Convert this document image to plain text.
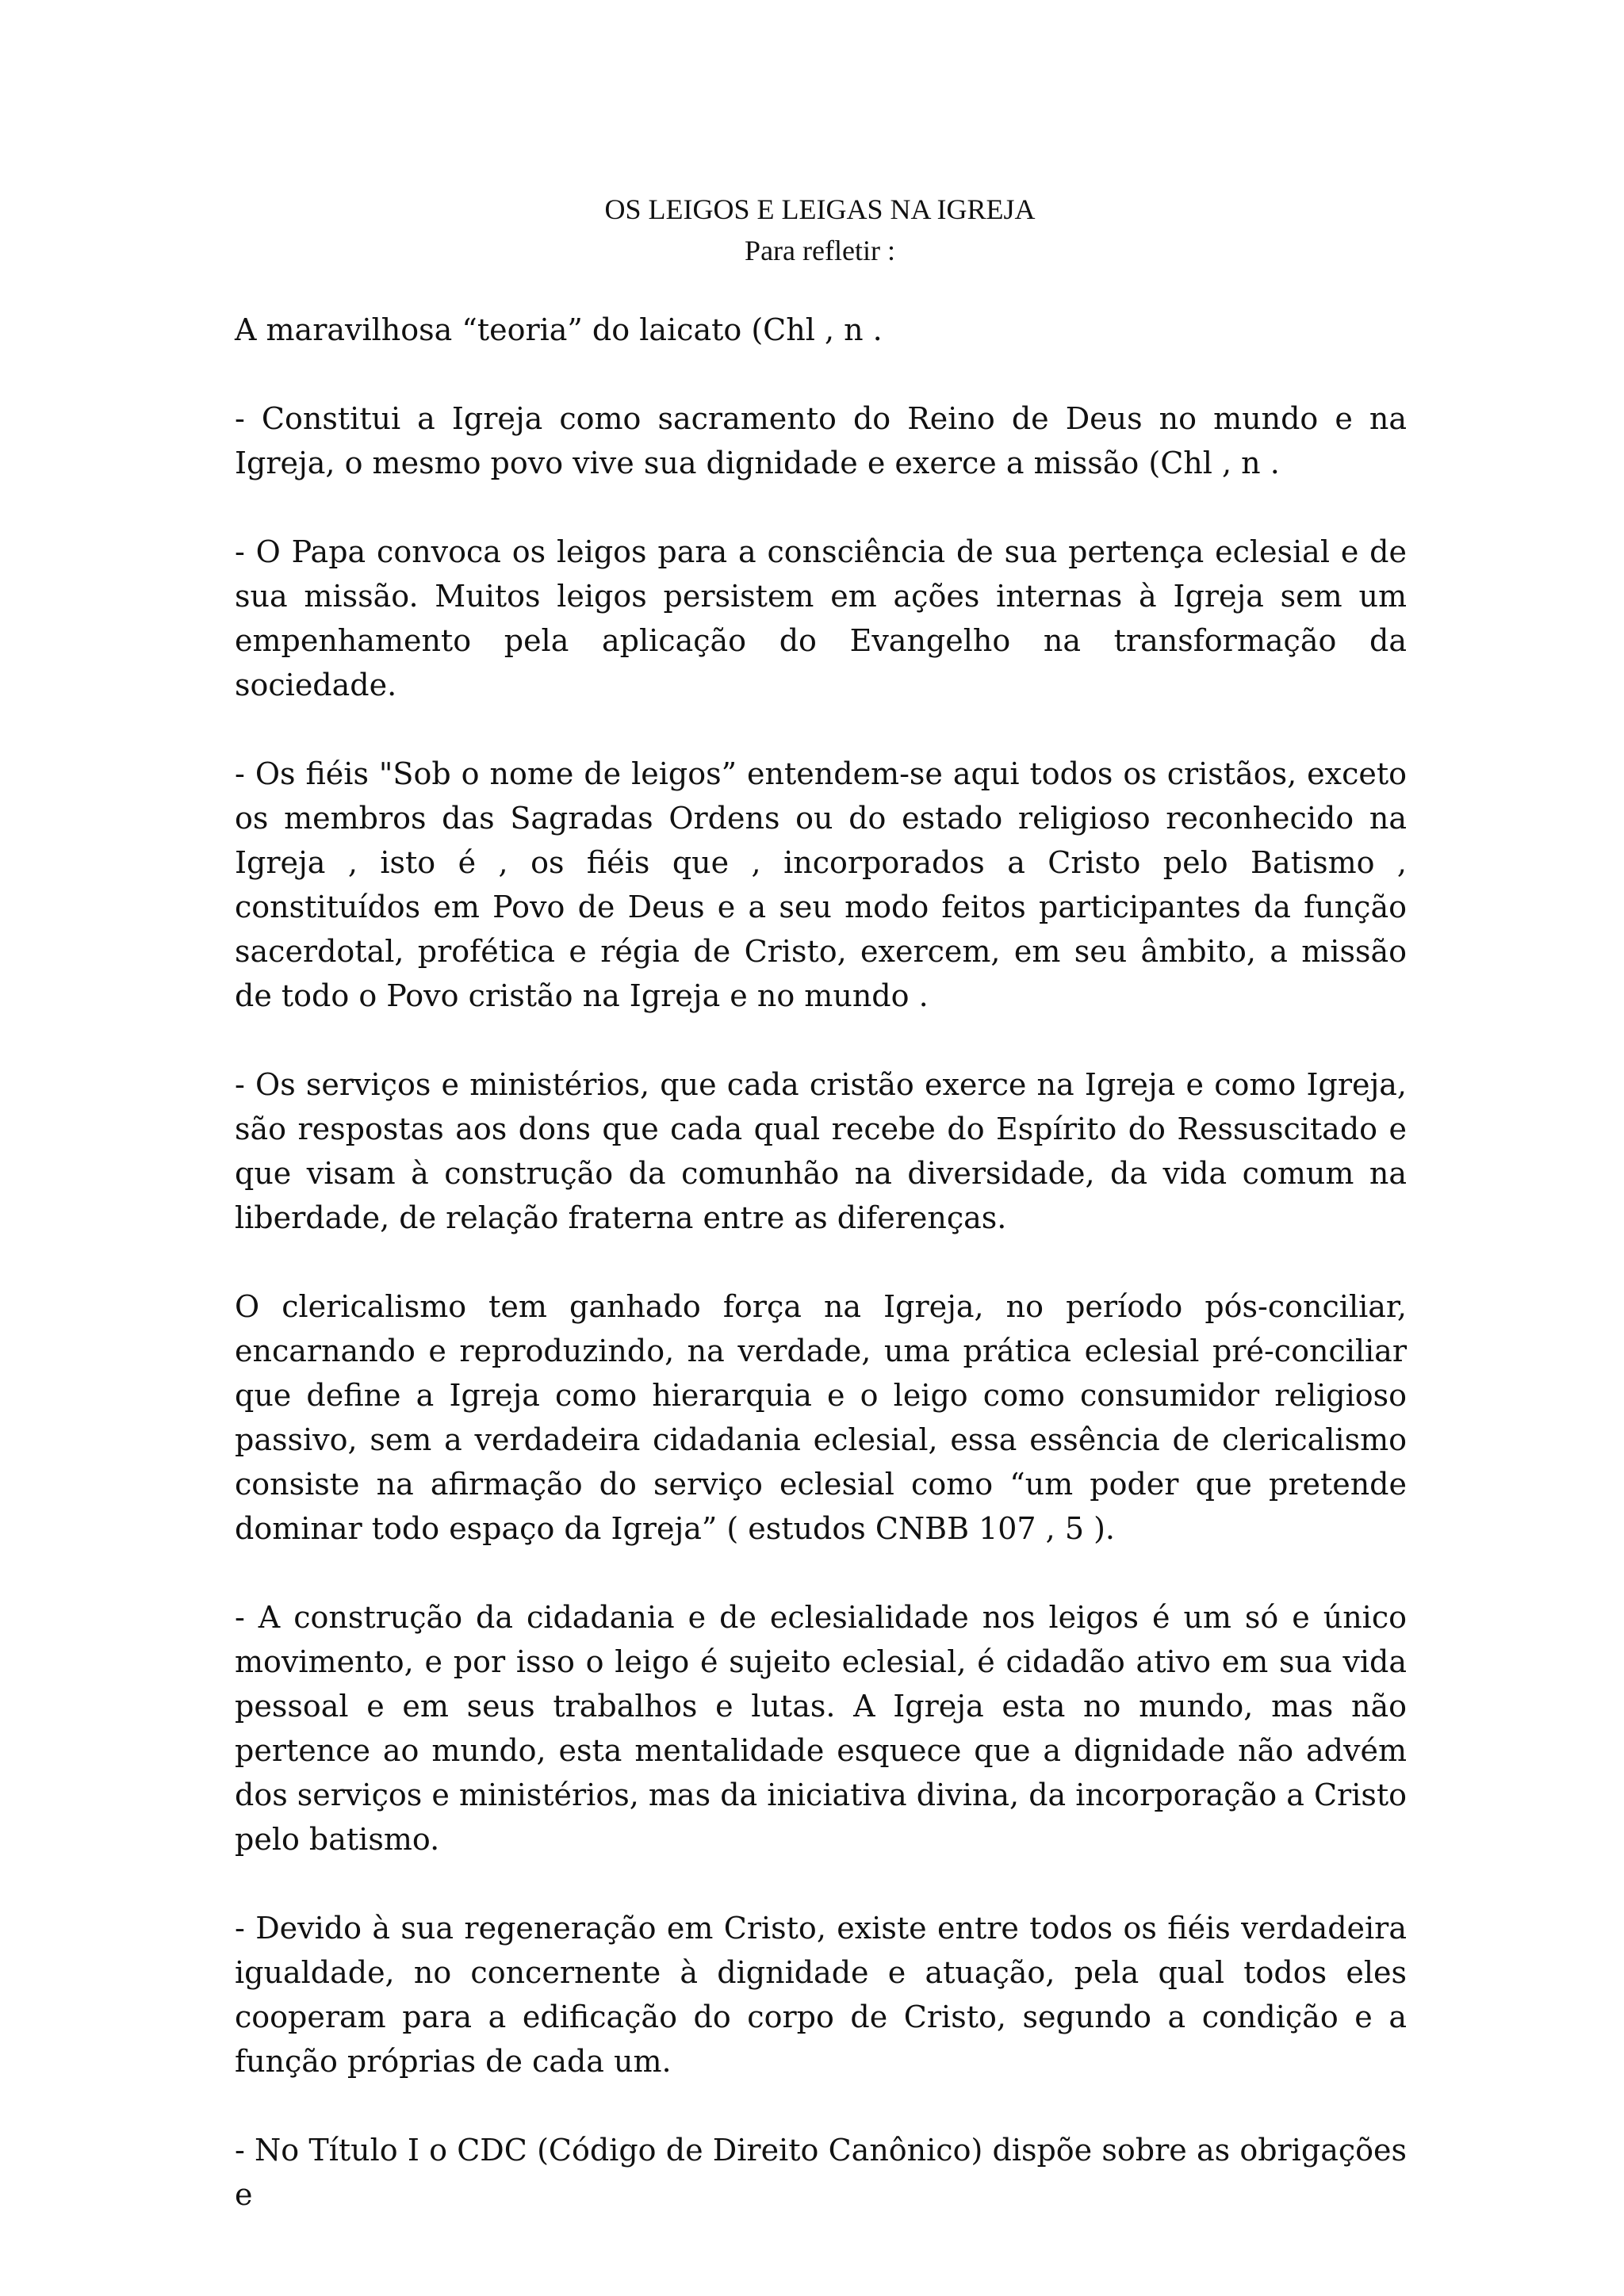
OS LEIGOS E LEIGAS NA IGREJA
Para refletir :

A maravilhosa “teoria” do laicato (Chl , n .

- Constitui a Igreja como sacramento do Reino de Deus no mundo e na Igreja, o mesmo povo vive sua dignidade e exerce a missão (Chl , n .

- O Papa convoca os leigos para a consciência de sua pertença eclesial e de sua missão. Muitos leigos persistem em ações internas à Igreja sem um empenhamento pela aplicação do Evangelho na transformação da sociedade.

- Os fiéis "Sob o nome de leigos” entendem-se aqui todos os cristãos, exceto os membros das Sagradas Ordens ou do estado religioso reconhecido na Igreja , isto é , os fiéis que , incorporados a Cristo pelo Batismo , constituídos em Povo de Deus e a seu modo feitos participantes da função sacerdotal, profética e régia de Cristo, exercem, em seu âmbito, a missão de todo o Povo cristão na Igreja e no mundo .

- Os serviços e ministérios, que cada cristão exerce na Igreja e como Igreja, são respostas aos dons que cada qual recebe do Espírito do Ressuscitado e que visam à construção da comunhão na diversidade, da vida comum na liberdade, de relação fraterna entre as diferenças.

O clericalismo tem ganhado força na Igreja, no período pós-conciliar, encarnando e reproduzindo, na verdade, uma prática eclesial pré-conciliar que define a Igreja como hierarquia e o leigo como consumidor religioso passivo, sem a verdadeira cidadania eclesial, essa essência de clericalismo consiste na afirmação do serviço eclesial como “um poder que pretende dominar todo espaço da Igreja” ( estudos CNBB 107 , 5 ).

- A construção da cidadania e de eclesialidade nos leigos é um só e único movimento, e por isso o leigo é sujeito eclesial, é cidadão ativo em sua vida pessoal e em seus trabalhos e lutas. A Igreja esta no mundo, mas não pertence ao mundo, esta mentalidade esquece que a dignidade não advém dos serviços e ministérios, mas da iniciativa divina, da incorporação a Cristo pelo batismo.

- Devido à sua regeneração em Cristo, existe entre todos os fiéis verdadeira igualdade, no concernente à dignidade e atuação, pela qual todos eles cooperam para a edificação do corpo de Cristo, segundo a condição e a função próprias de cada um.

- No Título I o CDC (Código de Direito Canônico) dispõe sobre as obrigações e
